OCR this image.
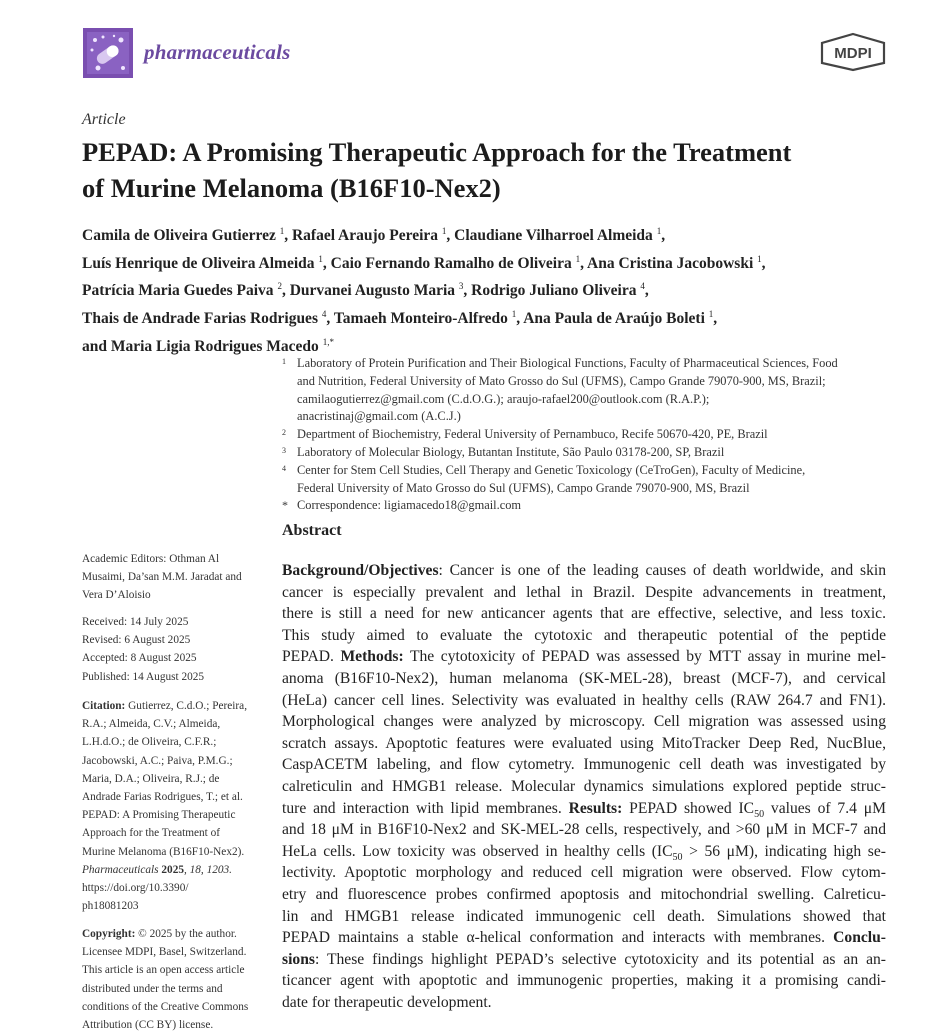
pharmaceuticals	MDPI
Article
PEPAD: A Promising Therapeutic Approach for the Treatment
of Murine Melanoma (B16F10-Nex2)
Camila de Oliveira Gutierrez $^1$, Rafael Araujo Pereira $^1$, Claudiane Vilharroel Almeida $^1$,
Luís Henrique de Oliveira Almeida $^1$, Caio Fernando Ramalho de Oliveira $^1$, Ana Cristina Jacobowski $^1$,
Patrícia Maria Guedes Paiva $^2$, Durvanei Augusto Maria $^3$, Rodrigo Juliano Oliveira $^4$,
Thais de Andrade Farias Rodrigues $^4$, Tamaeh Monteiro-Alfredo $^1$, Ana Paula de Araújo Boleti $^1$,
and Maria Ligia Rodrigues Macedo $^{1,*}$
1 Laboratory of Protein Purification and Their Biological Functions, Faculty of Pharmaceutical Sciences, Food
and Nutrition, Federal University of Mato Grosso do Sul (UFMS), Campo Grande 79070-900, MS, Brazil;
camilaogutierrez@gmail.com (C.d.O.G.); araujo-rafael200@outlook.com (R.A.P.);
anacristinaj@gmail.com (A.C.J.)
2 Department of Biochemistry, Federal University of Pernambuco, Recife 50670-420, PE, Brazil
3 Laboratory of Molecular Biology, Butantan Institute, São Paulo 03178-200, SP, Brazil
4 Center for Stem Cell Studies, Cell Therapy and Genetic Toxicology (CeTroGen), Faculty of Medicine,
Federal University of Mato Grosso do Sul (UFMS), Campo Grande 79070-900, MS, Brazil
* Correspondence: ligiamacedo18@gmail.com
Abstract
Background/Objectives: Cancer is one of the leading causes of death worldwide, and skin
cancer is especially prevalent and lethal in Brazil. Despite advancements in treatment,
there is still a need for new anticancer agents that are effective, selective, and less toxic.
This study aimed to evaluate the cytotoxic and therapeutic potential of the peptide
PEPAD. Methods: The cytotoxicity of PEPAD was assessed by MTT assay in murine mel-
anoma (B16F10-Nex2), human melanoma (SK-MEL-28), breast (MCF-7), and cervical
(HeLa) cancer cell lines. Selectivity was evaluated in healthy cells (RAW 264.7 and FN1).
Morphological changes were analyzed by microscopy. Cell migration was assessed using
scratch assays. Apoptotic features were evaluated using MitoTracker Deep Red, NucBlue,
CaspACETM labeling, and flow cytometry. Immunogenic cell death was investigated by
calreticulin and HMGB1 release. Molecular dynamics simulations explored peptide struc-
ture and interaction with lipid membranes. Results: PEPAD showed $IC_{50}$ values of 7.4 μM
and 18 μM in B16F10-Nex2 and SK-MEL-28 cells, respectively, and >60 μM in MCF-7 and
HeLa cells. Low toxicity was observed in healthy cells ($IC_{50} > 56$ μM), indicating high se-
lectivity. Apoptotic morphology and reduced cell migration were observed. Flow cytom-
etry and fluorescence probes confirmed apoptosis and mitochondrial swelling. Calreticu-
lin and HMGB1 release indicated immunogenic cell death. Simulations showed that
PEPAD maintains a stable α-helical conformation and interacts with membranes. Conclu-
sions: These findings highlight PEPAD’s selective cytotoxicity and its potential as an an-
ticancer agent with apoptotic and immunogenic properties, making it a promising candi-
date for therapeutic development.
Academic Editors: Othman Al
Musaimi, Da’san M.M. Jaradat and
Vera D’Aloisio
Received: 14 July 2025
Revised: 6 August 2025
Accepted: 8 August 2025
Published: 14 August 2025
Citation: Gutierrez, C.d.O.; Pereira,
R.A.; Almeida, C.V.; Almeida,
L.H.d.O.; de Oliveira, C.F.R.;
Jacobowski, A.C.; Paiva, P.M.G.;
Maria, D.A.; Oliveira, R.J.; de
Andrade Farias Rodrigues, T.; et al.
PEPAD: A Promising Therapeutic
Approach for the Treatment of
Murine Melanoma (B16F10-Nex2).
Pharmaceuticals 2025, 18, 1203.
https://doi.org/10.3390/
ph18081203
Copyright: © 2025 by the author.
Licensee MDPI, Basel, Switzerland.
This article is an open access article
distributed under the terms and
conditions of the Creative Commons
Attribution (CC BY) license.
